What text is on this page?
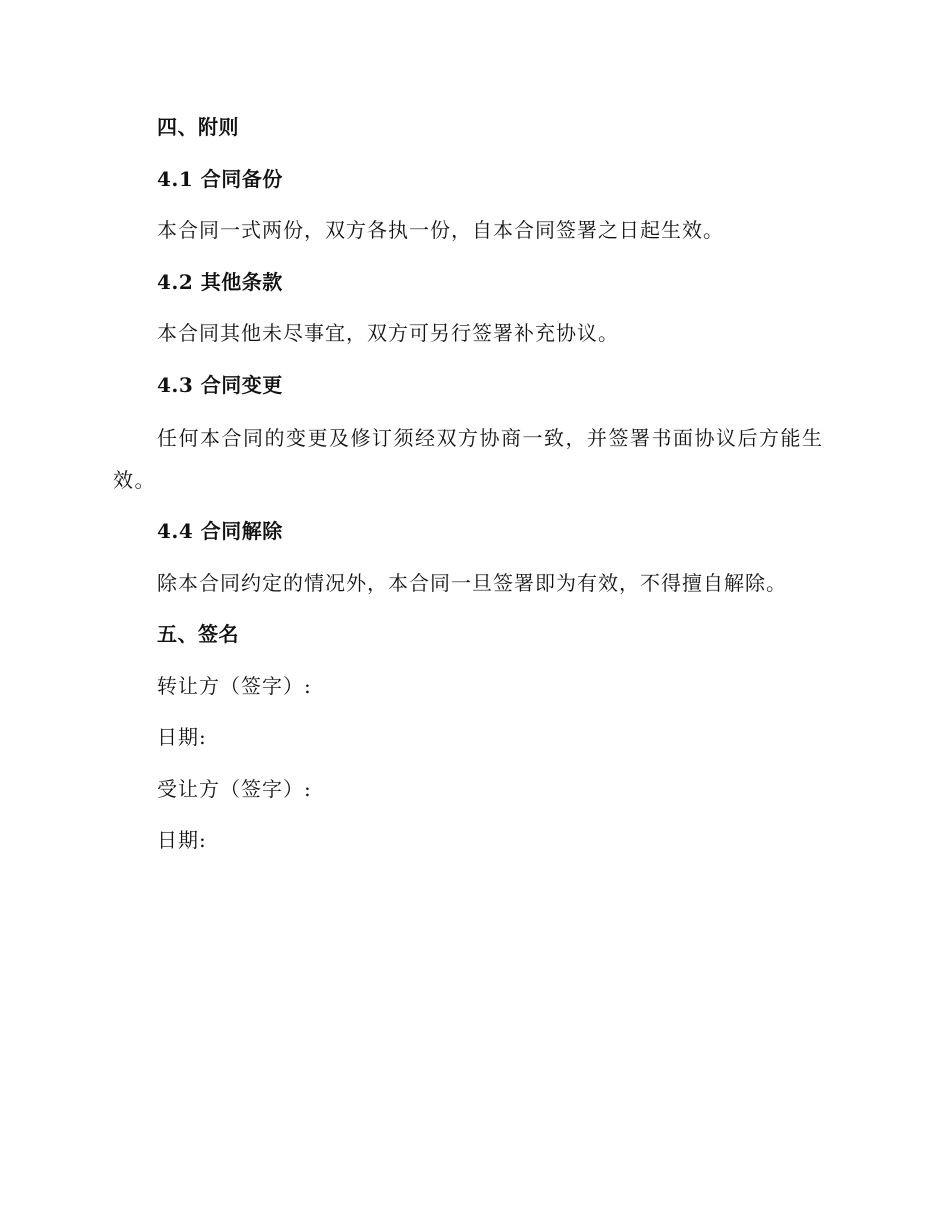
四、附则
4.1 合同备份
本合同一式两份，双方各执一份，自本合同签署之日起生效。
4.2 其他条款
本合同其他未尽事宜，双方可另行签署补充协议。
4.3 合同变更
任何本合同的变更及修订须经双方协商一致，并签署书面协议后方能生效。
4.4 合同解除
除本合同约定的情况外，本合同一旦签署即为有效，不得擅自解除。
五、签名
转让方（签字）:
日期:
受让方（签字）:
日期:
